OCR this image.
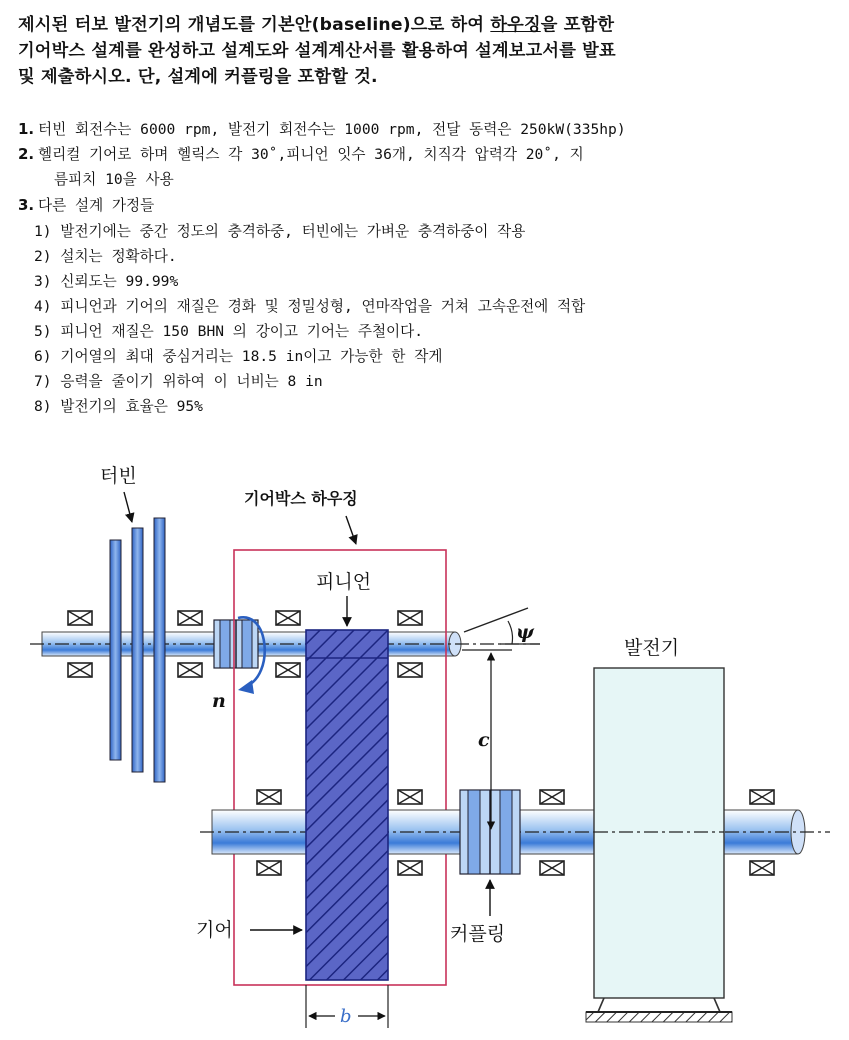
제시된 터보 발전기의 개념도를 기본안(baseline)으로 하여 하우징을 포함한
기어박스 설계를 완성하고 설계도와 설계계산서를 활용하여 설계보고서를 발표
및 제출하시오. 단, 설계에 커플링을 포함할 것.
1. 터빈 회전수는 6000 rpm, 발전기 회전수는 1000 rpm, 전달 동력은 250kW(335hp)
2. 헬리컬 기어로 하며 헬릭스 각 30˚,피니언 잇수 36개, 치직각 압력각 20˚, 지
름피치 10을 사용
3. 다른 설계 가정들
1) 발전기에는 중간 정도의 충격하중, 터빈에는 가벼운 충격하중이 작용
2) 설치는 정확하다.
3) 신뢰도는 99.99%
4) 피니언과 기어의 재질은 경화 및 정밀성형, 연마작업을 거쳐 고속운전에 적합
5) 피니언 재질은 150 BHN 의 강이고 기어는 주철이다.
6) 기어열의 최대 중심거리는 18.5 in이고 가능한 한 작게
7) 응력을 줄이기 위하여 이 너비는 8 in
8) 발전기의 효율은 95%
n
c
ψ
b
터빈
기어박스 하우징
피니언
발전기
기어	커플링
